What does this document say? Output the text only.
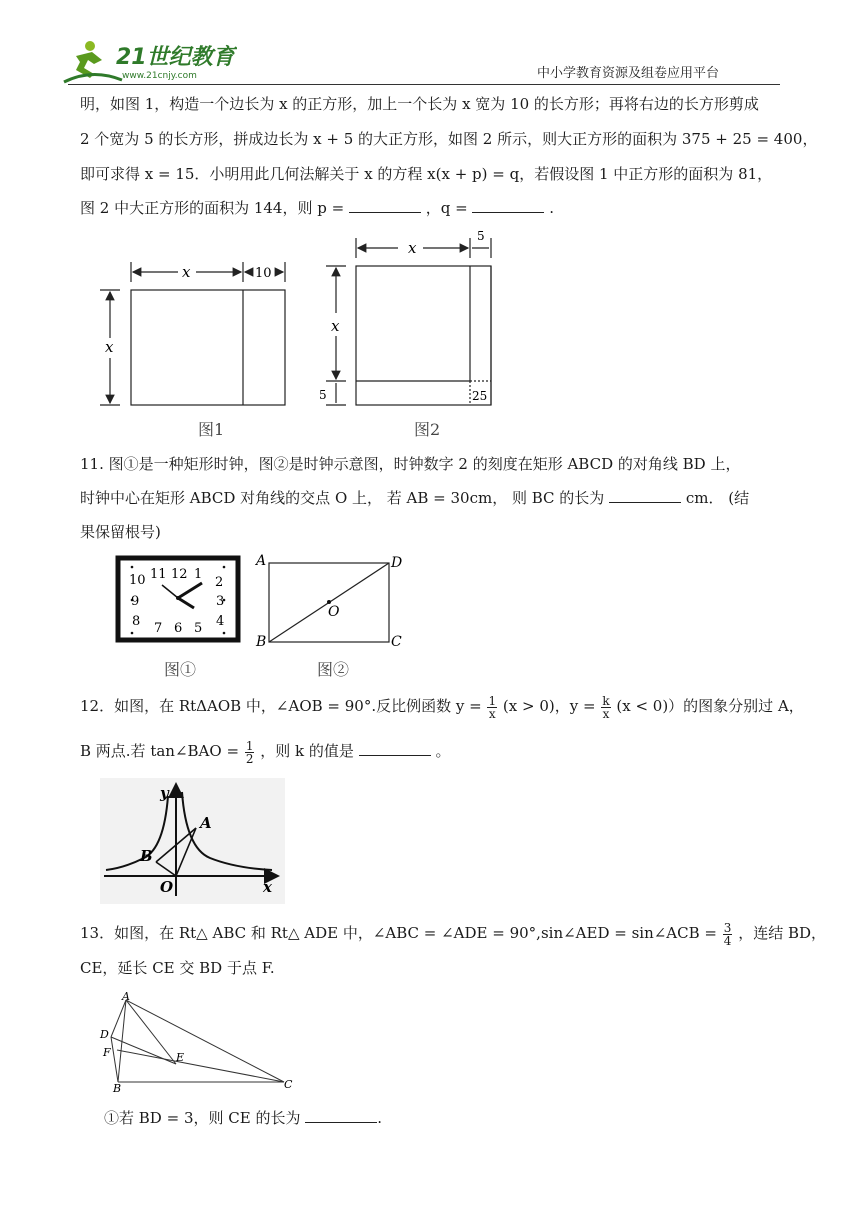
21世纪教育
www.21cnjy.com	中小学教育资源及组卷应用平台
明，如图 1，构造一个边长为 x 的正方形，加上一个长为 x 宽为 10 的长方形；再将右边的长方形剪成
2 个宽为 5 的长方形，拼成边长为 x + 5 的大正方形，如图 2 所示，则大正方形的面积为 375 + 25 = 400，
即可求得 x = 15．小明用此几何法解关于 x 的方程 x(x + p) = q，若假设图 1 中正方形的面积为 81，
图 2 中大正方形的面积为 144，则 p =	，q =	.
x	10
x
图1
x
5
x
5	25
图2
11. 图①是一种矩形时钟，图②是时钟示意图，时钟数字 2 的刻度在矩形 ABCD 的对角线 BD 上，
时钟中心在矩形 ABCD 对角线的交点 O 上， 若 AB = 30cm， 则 BC 的长为	cm． (结
果保留根号)
11 12 1
10	2
9	3
8	4
7 6 5
图①
A	D
B	C
O
图②
12．如图，在 RtΔAOB 中，∠AOB = 90°.反比例函数 $y = \frac{1}{x} (x > 0)$，$y = \frac{k}{x} (x < 0)$）的图象分别过 A，
B 两点.若 tan∠BAO = $\frac{1}{2}$ ，则 k 的值是	。
y
x
A
B
O
13．如图，在 Rt△ ABC 和 Rt△ ADE 中，∠ABC = ∠ADE = 90°,sin∠AED = sin∠ACB = $\frac{3}{4}$ ，连结 BD，
CE，延长 CE 交 BD 于点 F.
A
D
F	E
B	C
①若 BD = 3，则 CE 的长为	.
